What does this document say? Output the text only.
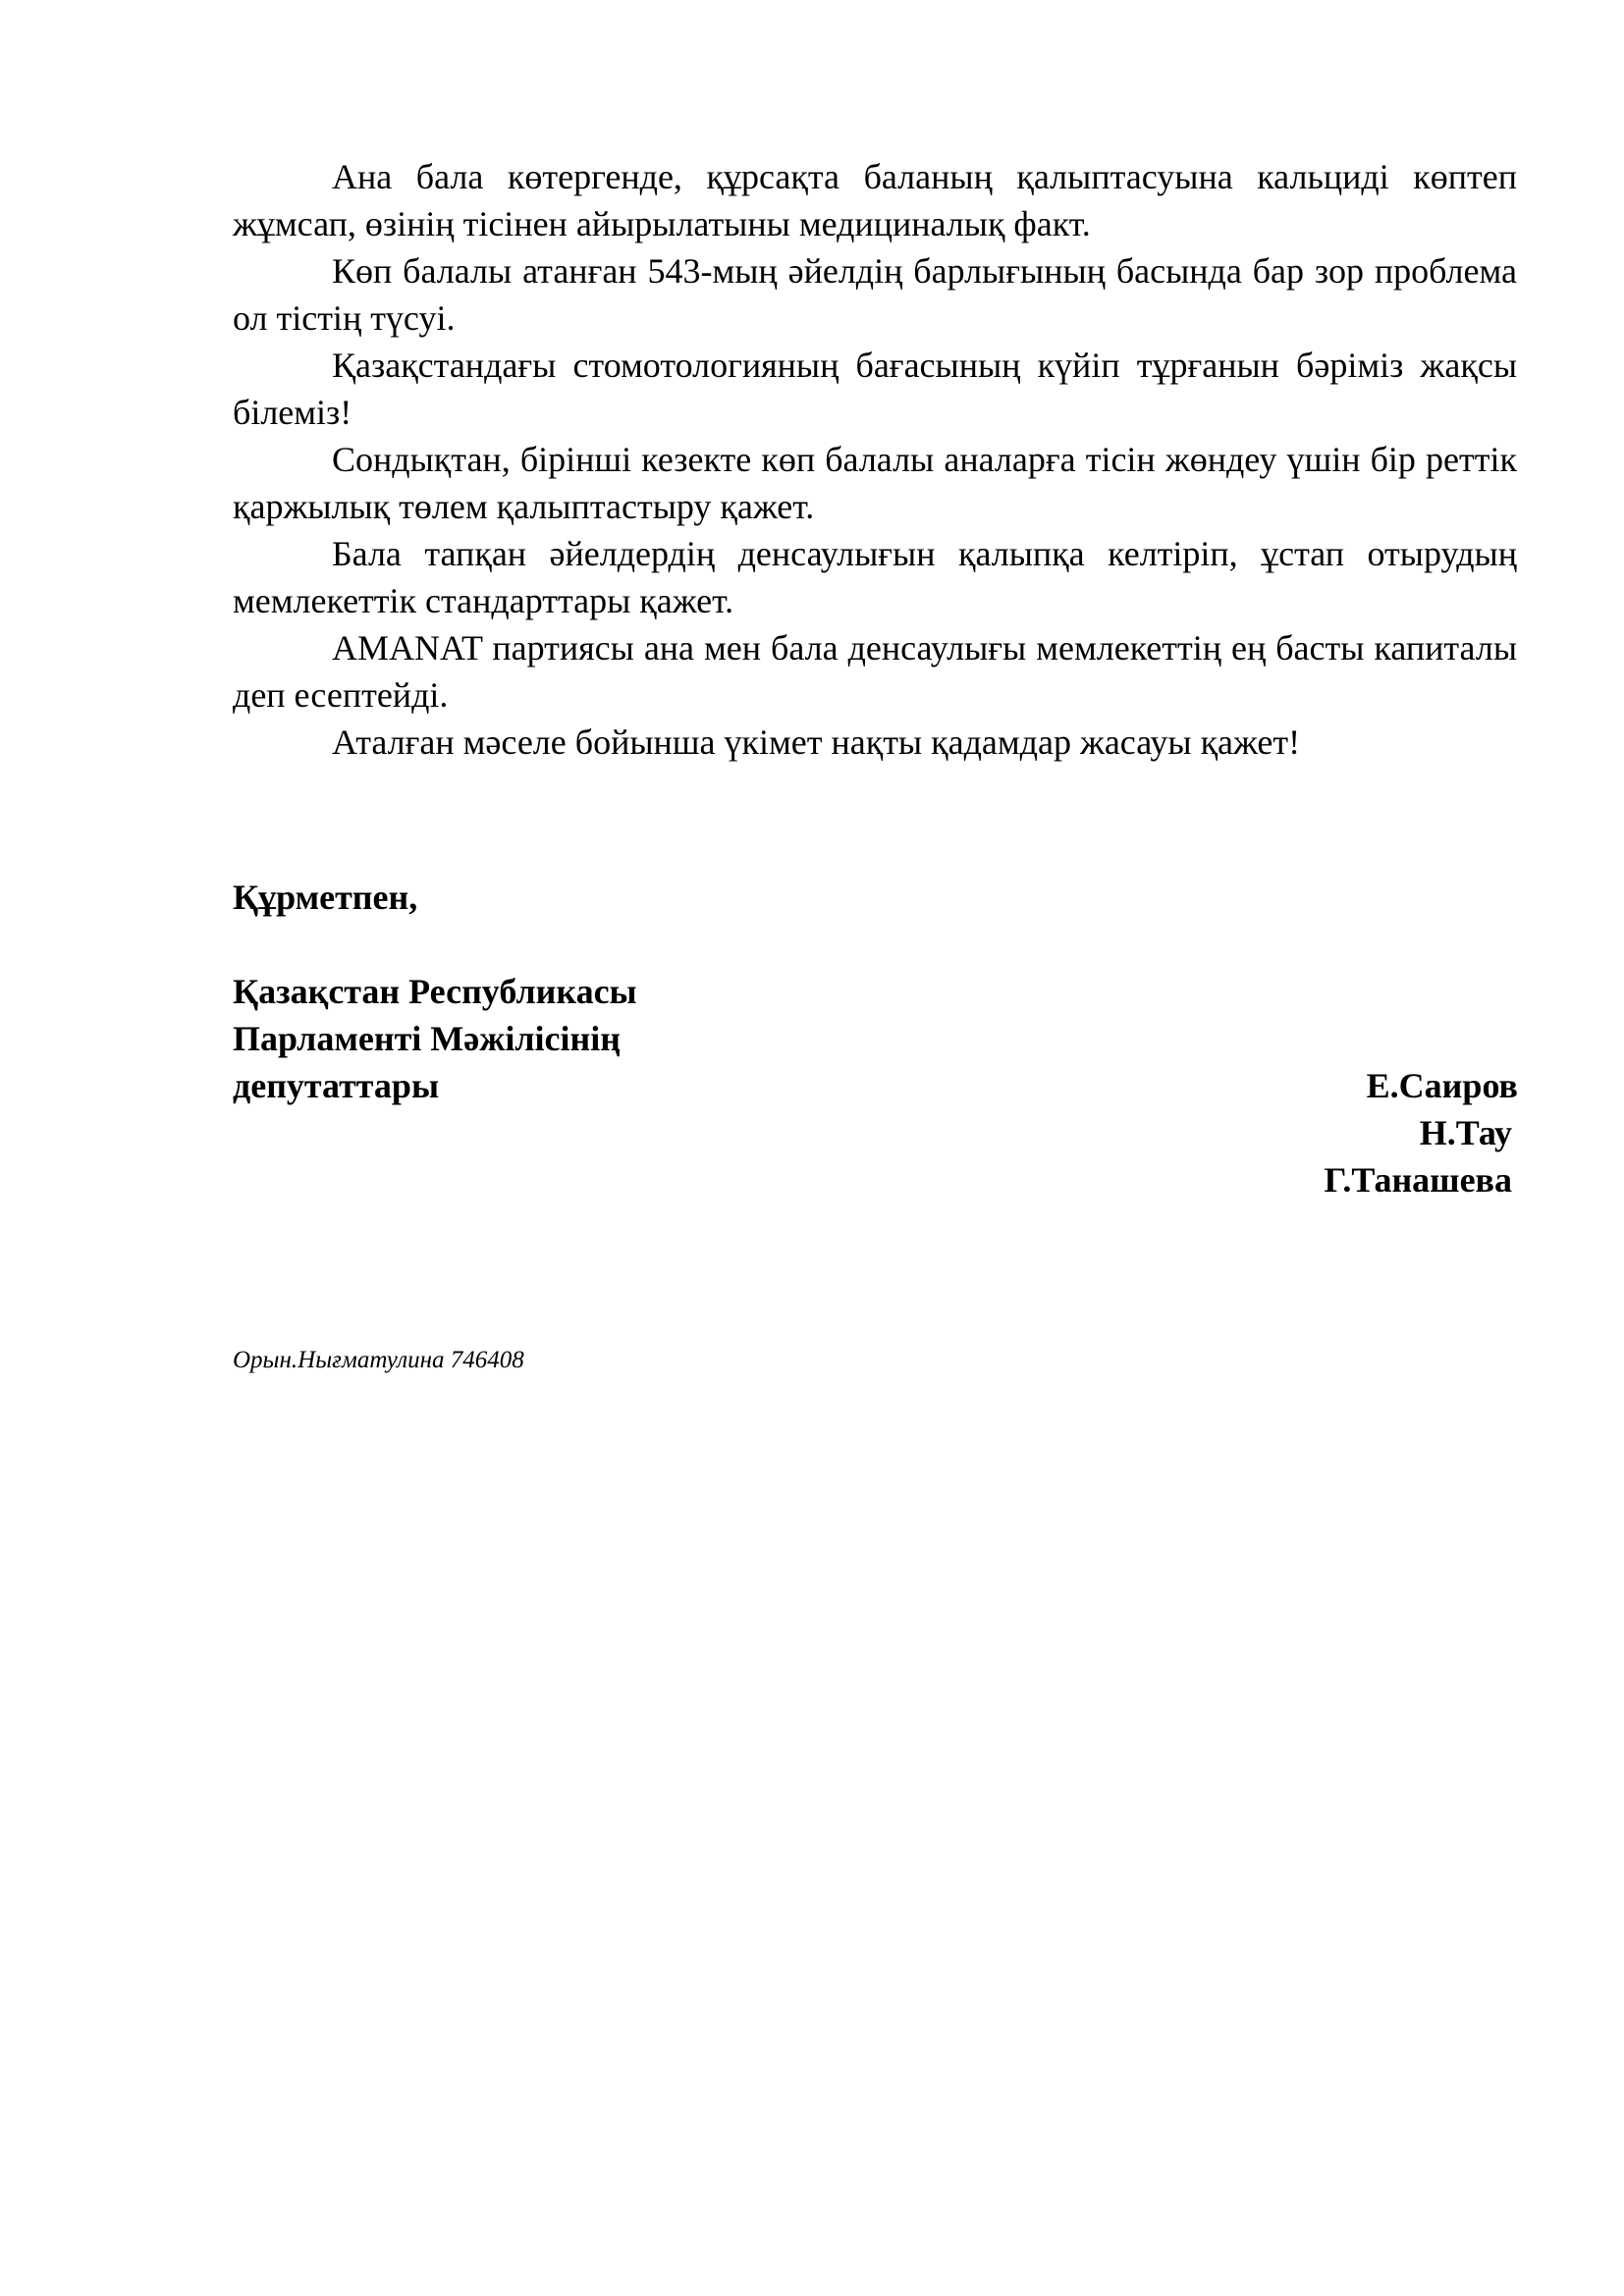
Ана бала көтергенде, құрсақта баланың қалыптасуына кальциді көптеп жұмсап, өзінің тісінен айырылатыны медициналық факт.

Көп балалы атанған 543-мың әйелдің барлығының басында бар зор проблема ол тістің түсуі.

Қазақстандағы стомотологияның бағасының күйіп тұрғанын бәріміз жақсы білеміз!

Сондықтан, бірінші кезекте көп балалы аналарға тісін жөндеу үшін бір реттік қаржылық төлем қалыптастыру қажет.

Бала тапқан әйелдердің денсаулығын қалыпқа келтіріп, ұстап отырудың мемлекеттік стандарттары қажет.

AMANAT партиясы ана мен бала денсаулығы мемлекеттің ең басты капиталы деп есептейді.

Аталған мәселе бойынша үкімет нақты қадамдар жасауы қажет!

Құрметпен,

Қазақстан Республикасы
Парламенті Мәжілісінің
депутаттары	Е.Саиров
Н.Тау
Г.Танашева
Орын.Нығматулина 746408
